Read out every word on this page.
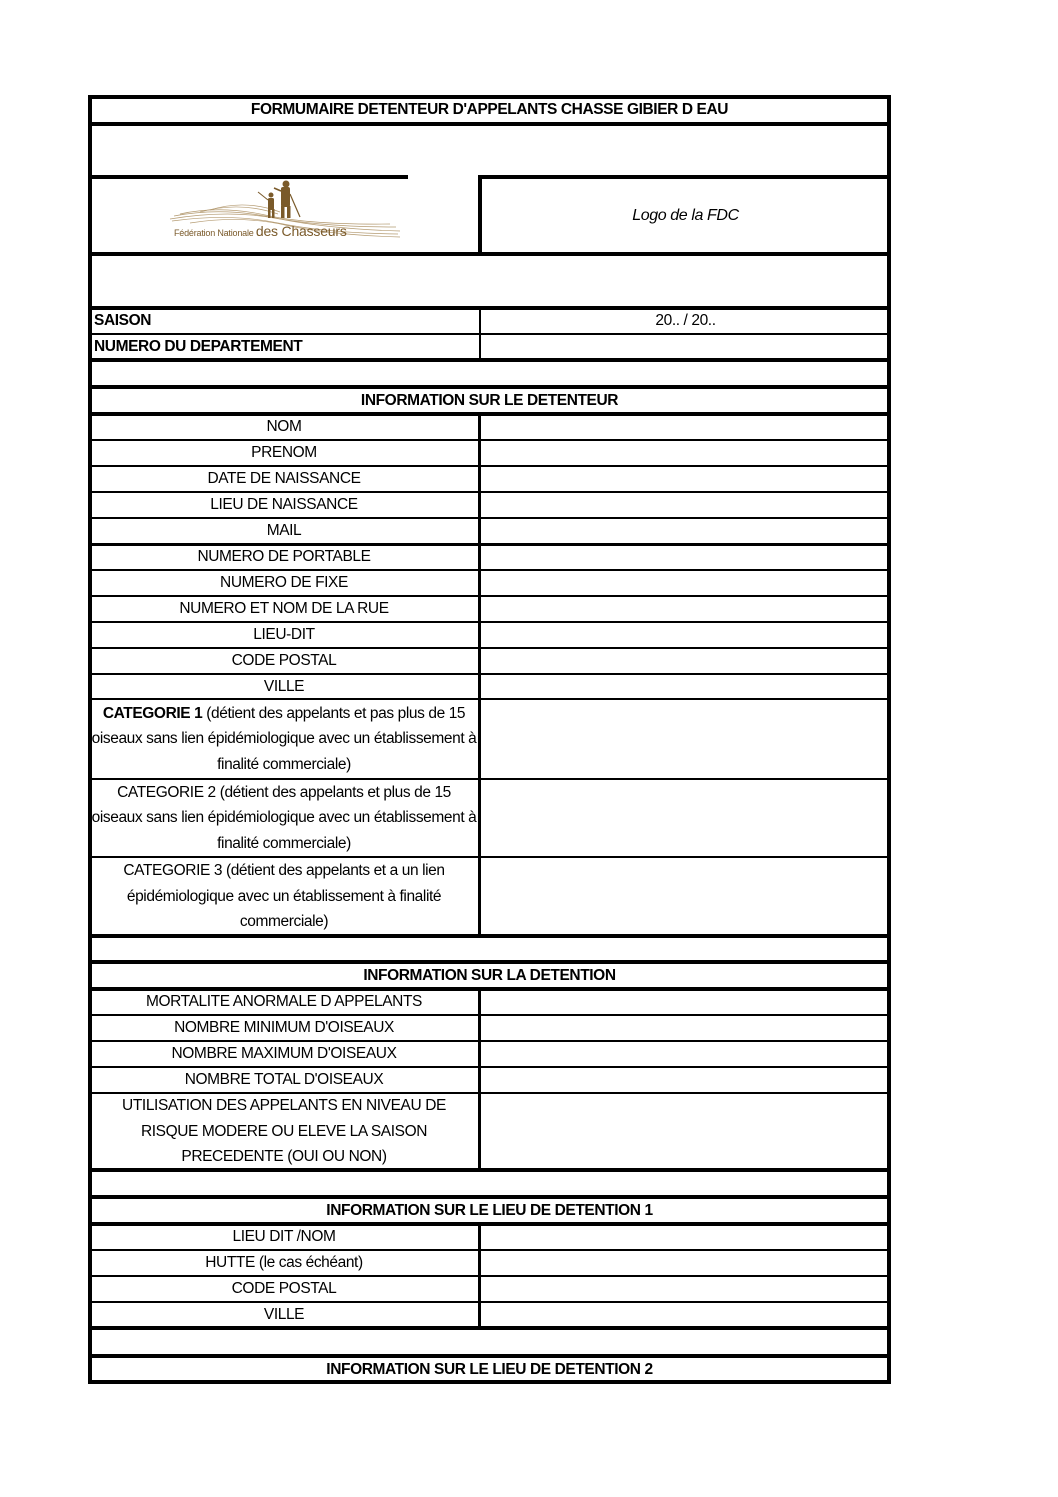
FORMUMAIRE DETENTEUR D'APPELANTS CHASSE GIBIER D EAU
Fédération Nationale des Chasseurs
Logo de la FDC
SAISON	20.. / 20..
NUMERO DU DEPARTEMENT
INFORMATION SUR LE DETENTEUR
NOM
PRENOM
DATE DE NAISSANCE
LIEU DE NAISSANCE
MAIL
NUMERO DE PORTABLE
NUMERO DE FIXE
NUMERO ET NOM DE LA RUE
LIEU-DIT
CODE POSTAL
VILLE
CATEGORIE 1 (détient des appelants et pas plus de 15 oiseaux sans lien épidémiologique avec un établissement à finalité commerciale)
CATEGORIE 2 (détient des appelants et plus de 15 oiseaux sans lien épidémiologique avec un établissement à finalité commerciale)
CATEGORIE 3 (détient des appelants et a un lien épidémiologique avec un établissement à finalité commerciale)
INFORMATION SUR LA DETENTION
MORTALITE ANORMALE D APPELANTS
NOMBRE MINIMUM D'OISEAUX
NOMBRE MAXIMUM D'OISEAUX
NOMBRE TOTAL D'OISEAUX
UTILISATION DES APPELANTS EN NIVEAU DE RISQUE MODERE OU ELEVE LA SAISON PRECEDENTE (OUI OU NON)
INFORMATION SUR LE LIEU DE DETENTION 1
LIEU DIT /NOM
HUTTE (le cas échéant)
CODE POSTAL
VILLE
INFORMATION SUR LE LIEU DE DETENTION 2
